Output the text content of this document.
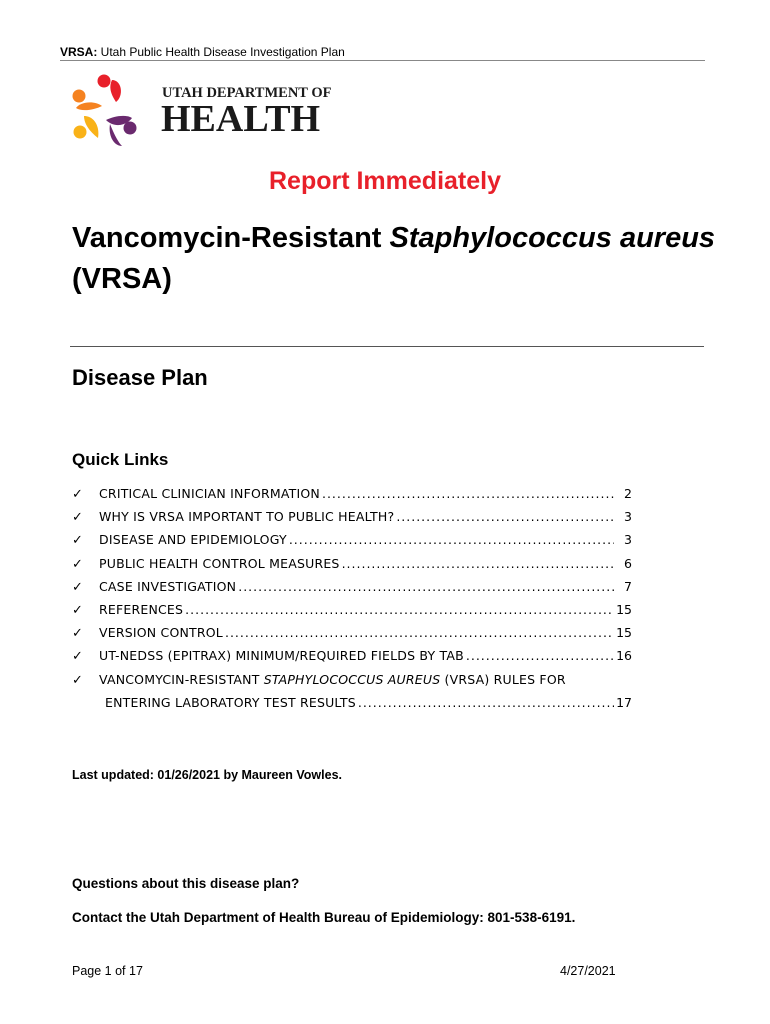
VRSA: Utah Public Health Disease Investigation Plan
UTAH DEPARTMENT OF
HEALTH
Report Immediately
Vancomycin-Resistant Staphylococcus aureus
(VRSA)
Disease Plan
Quick Links
✓	CRITICAL CLINICIAN INFORMATION .....	2
✓	WHY IS VRSA IMPORTANT TO PUBLIC HEALTH? .....	3
✓	DISEASE AND EPIDEMIOLOGY .....	3
✓	PUBLIC HEALTH CONTROL MEASURES .....	6
✓	CASE INVESTIGATION .....	7
✓	REFERENCES .....	15
✓	VERSION CONTROL .....	15
✓	UT-NEDSS (EPITRAX) MINIMUM/REQUIRED FIELDS BY TAB .....	16
✓	VANCOMYCIN-RESISTANT STAPHYLOCOCCUS AUREUS (VRSA) RULES FOR
ENTERING LABORATORY TEST RESULTS .....	17
Last updated: 01/26/2021 by Maureen Vowles.
Questions about this disease plan?
Contact the Utah Department of Health Bureau of Epidemiology: 801-538-6191.
Page 1 of 17	4/27/2021
